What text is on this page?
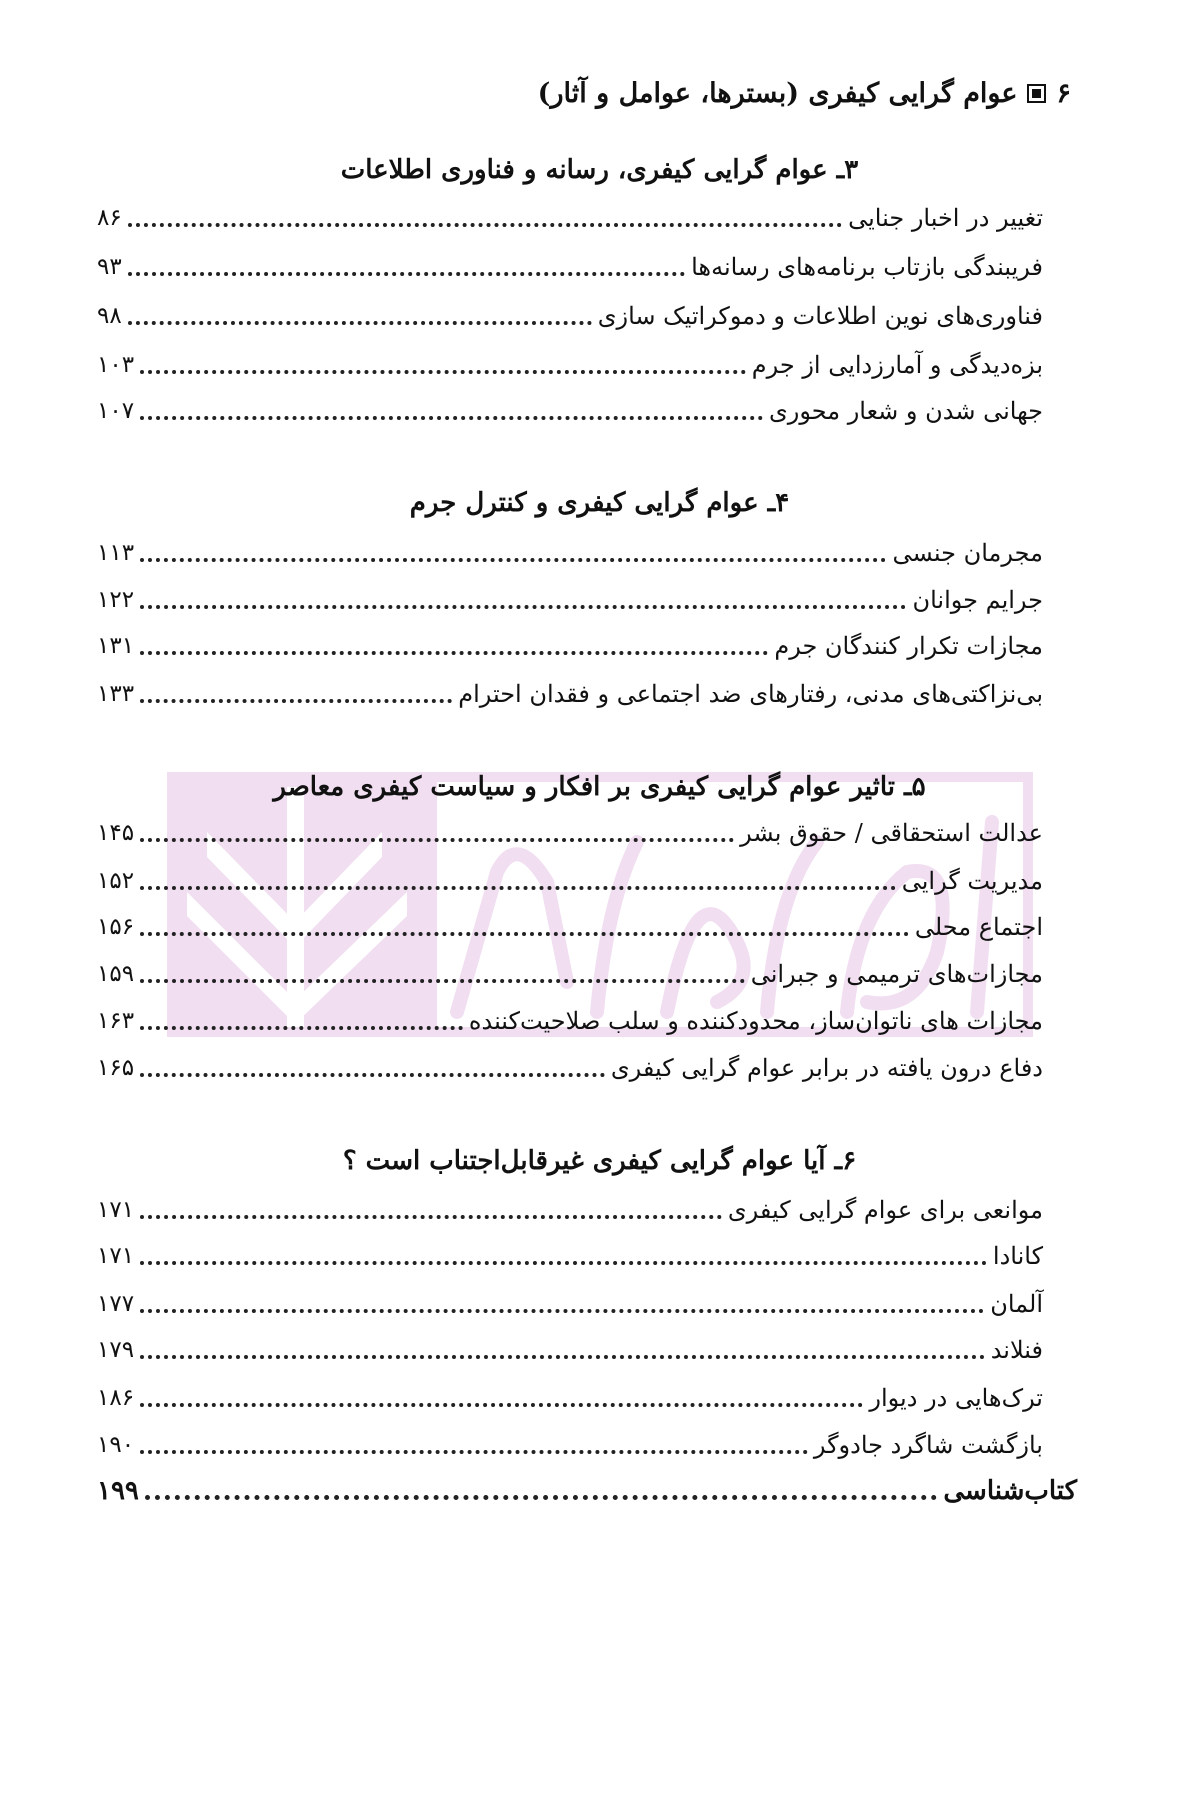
۶
عوام گرایی کیفری (بسترها، عوامل و آثار)
۳ـ عوام گرایی کیفری، رسانه و فناوری اطلاعات
تغییر در اخبار جنایی
۸۶
فریبندگی بازتاب برنامه‌های رسانه‌ها
۹۳
فناوری‌های نوین اطلاعات و دموکراتیک سازی
۹۸
بزه‌دیدگی و آمارزدایی از جرم
۱۰۳
جهانی شدن و شعار محوری
۱۰۷
۴ـ عوام گرایی کیفری و کنترل جرم
مجرمان جنسی
۱۱۳
جرایم جوانان
۱۲۲
مجازات تکرار کنندگان جرم
۱۳۱
بی‌نزاکتی‌های مدنی، رفتارهای ضد اجتماعی و فقدان احترام
۱۳۳
۵ـ تاثیر عوام گرایی کیفری بر افکار و سیاست کیفری معاصر
عدالت استحقاقی / حقوق بشر
۱۴۵
مدیریت گرایی
۱۵۲
اجتماع محلی
۱۵۶
مجازات‌های ترمیمی و جبرانی
۱۵۹
مجازات های ناتوان‌ساز، محدودکننده و سلب صلاحیت‌کننده
۱۶۳
دفاع درون یافته در برابر عوام گرایی کیفری
۱۶۵
۶ـ آیا عوام گرایی کیفری غیرقابل‌اجتناب است ؟
موانعی برای عوام گرایی کیفری
۱۷۱
کانادا
۱۷۱
آلمان
۱۷۷
فنلاند
۱۷۹
ترک‌هایی در دیوار
۱۸۶
بازگشت شاگرد جادوگر
۱۹۰
کتاب‌شناسی
۱۹۹
